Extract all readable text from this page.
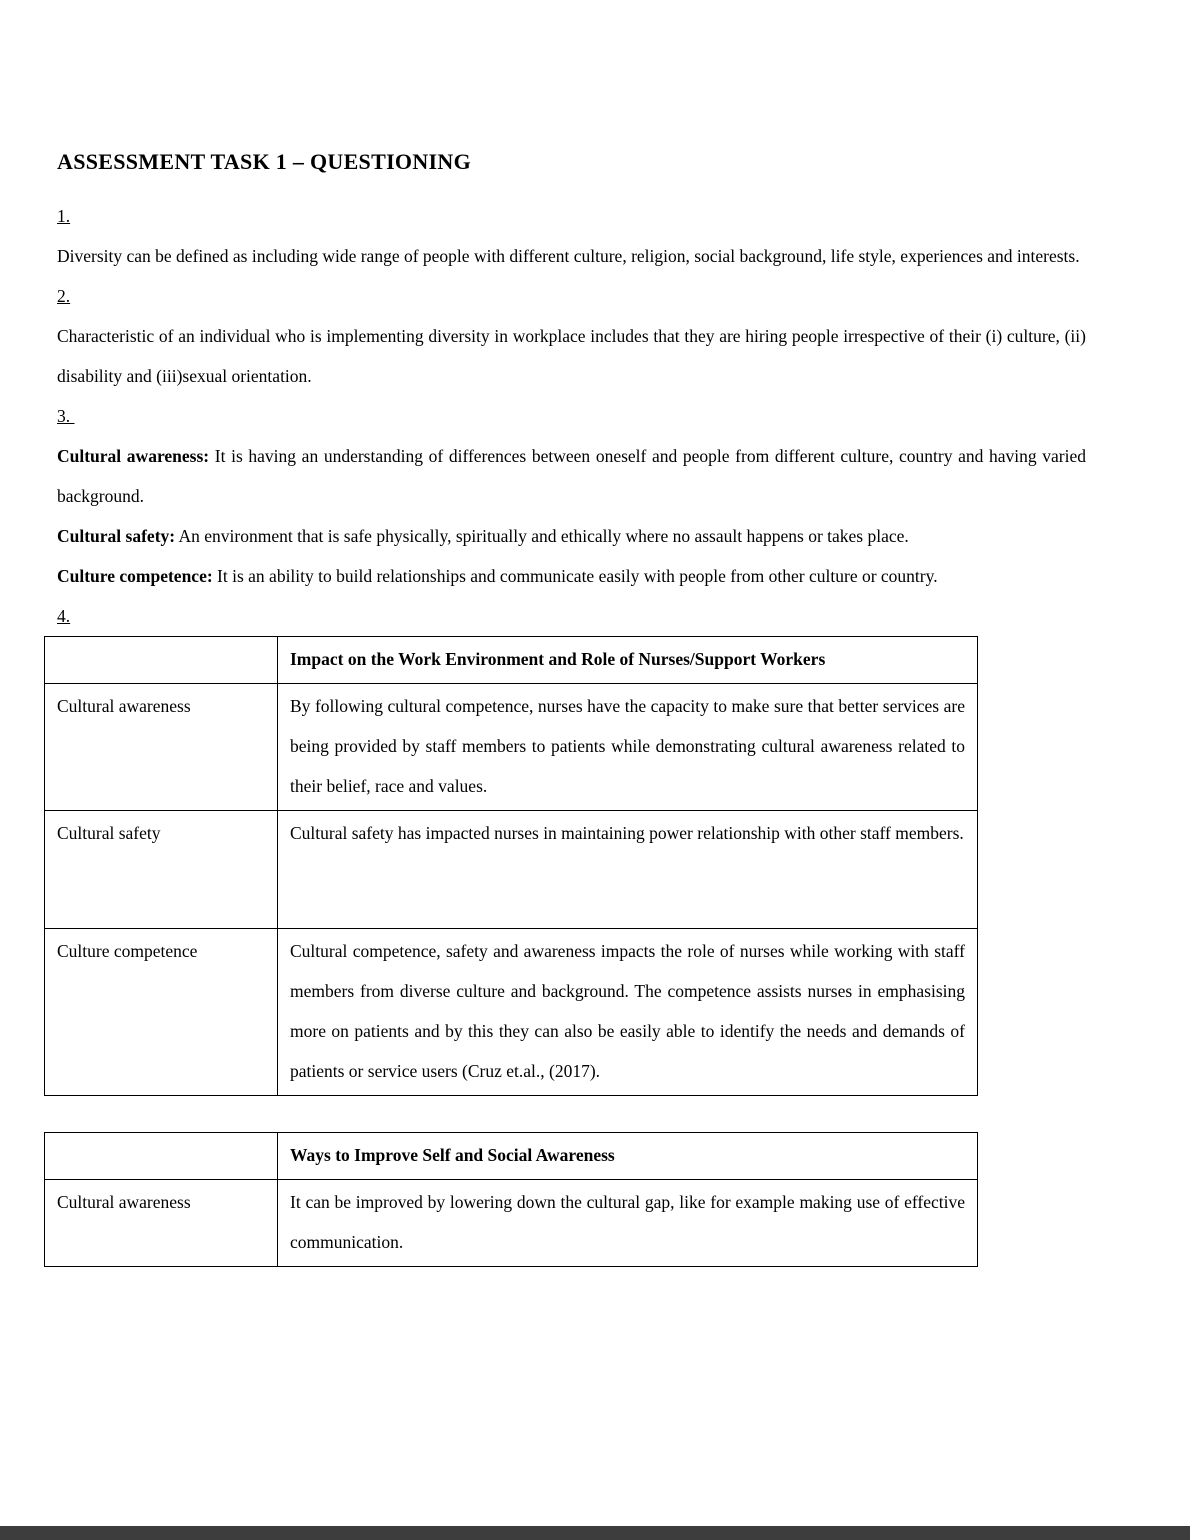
ASSESSMENT TASK 1 – QUESTIONING
1.

Diversity can be defined as including wide range of people with different culture, religion, social background, life style, experiences and interests.

2.

Characteristic of an individual who is implementing diversity in workplace includes that they are hiring people irrespective of their (i) culture, (ii) disability and (iii)sexual orientation.

3.

Cultural awareness: It is having an understanding of differences between oneself and people from different culture, country and having varied background.

Cultural safety: An environment that is safe physically, spiritually and ethically where no assault happens or takes place.

Culture competence: It is an ability to build relationships and communicate easily with people from other culture or country.

4.
	Impact on the Work Environment and Role of Nurses/Support Workers
Cultural awareness	By following cultural competence, nurses have the capacity to make sure that better services are being provided by staff members to patients while demonstrating cultural awareness related to their belief, race and values.
Cultural safety	Cultural safety has impacted nurses in maintaining power relationship with other staff members.
Culture competence	Cultural competence, safety and awareness impacts the role of nurses while working with staff members from diverse culture and background. The competence assists nurses in emphasising more on patients and by this they can also be easily able to identify the needs and demands of patients or service users (Cruz et.al., (2017).
	Ways to Improve Self and Social Awareness
Cultural awareness	It can be improved by lowering down the cultural gap, like for example making use of effective communication.
